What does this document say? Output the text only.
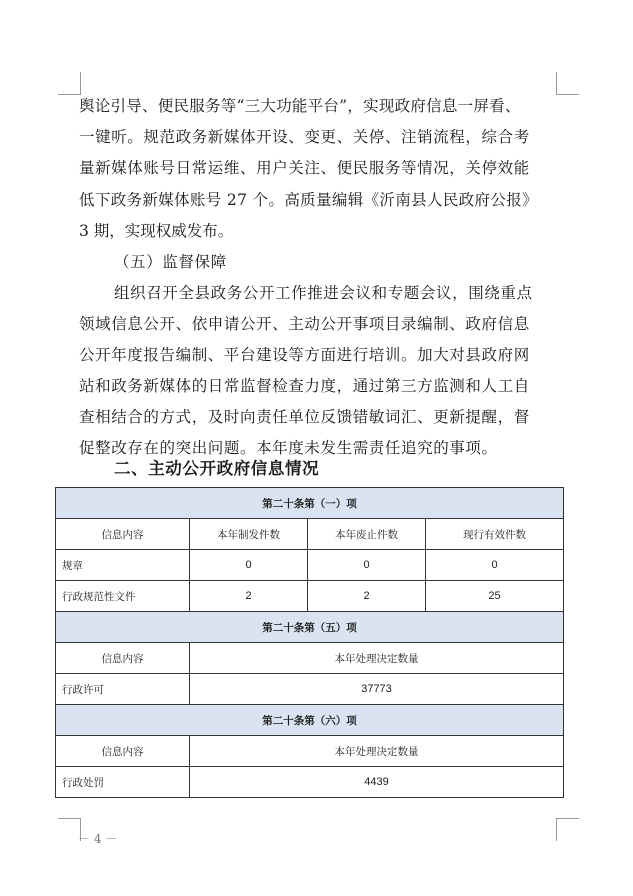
舆论引导、便民服务等“三大功能平台”，实现政府信息一屏看、
一键听。规范政务新媒体开设、变更、关停、注销流程，综合考
量新媒体账号日常运维、用户关注、便民服务等情况，关停效能
低下政务新媒体账号 27 个。高质量编辑《沂南县人民政府公报》
3 期，实现权威发布。
（五）监督保障
组织召开全县政务公开工作推进会议和专题会议，围绕重点
领域信息公开、依申请公开、主动公开事项目录编制、政府信息
公开年度报告编制、平台建设等方面进行培训。加大对县政府网
站和政务新媒体的日常监督检查力度，通过第三方监测和人工自
查相结合的方式，及时向责任单位反馈错敏词汇、更新提醒，督
促整改存在的突出问题。本年度未发生需责任追究的事项。
二、主动公开政府信息情况
第二十条第（一）项			
信息内容	本年制发件数	本年废止件数	现行有效件数
规章	0	0	0
行政规范性文件	2	2	25
第二十条第（五）项			
信息内容	本年处理决定数量		
行政许可	37773		
第二十条第（六）项			
信息内容	本年处理决定数量		
行政处罚	4439		
－ 4 －
